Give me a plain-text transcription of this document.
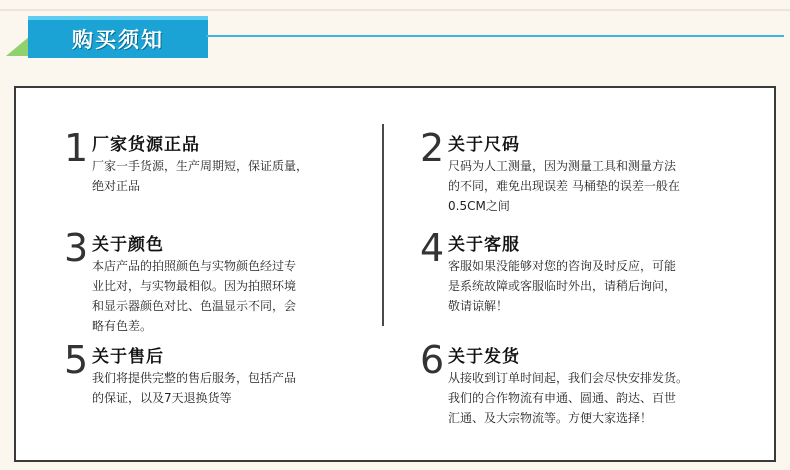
购买须知
1 厂家货源正品
厂家一手货源，生产周期短，保证质量，
绝对正品
2 关于尺码
尺码为人工测量，因为测量工具和测量方法
的不同，难免出现误差 马桶垫的误差一般在
0.5CM之间
3 关于颜色
本店产品的拍照颜色与实物颜色经过专
业比对，与实物最相似。因为拍照环境
和显示器颜色对比、色温显示不同，会
略有色差。
4 关于客服
客服如果没能够对您的咨询及时反应，可能
是系统故障或客服临时外出，请稍后询问，
敬请谅解！
5 关于售后
我们将提供完整的售后服务，包括产品
的保证，以及7天退换货等
6 关于发货
从接收到订单时间起，我们会尽快安排发货。
我们的合作物流有申通、圆通、韵达、百世
汇通、及大宗物流等。方便大家选择！
